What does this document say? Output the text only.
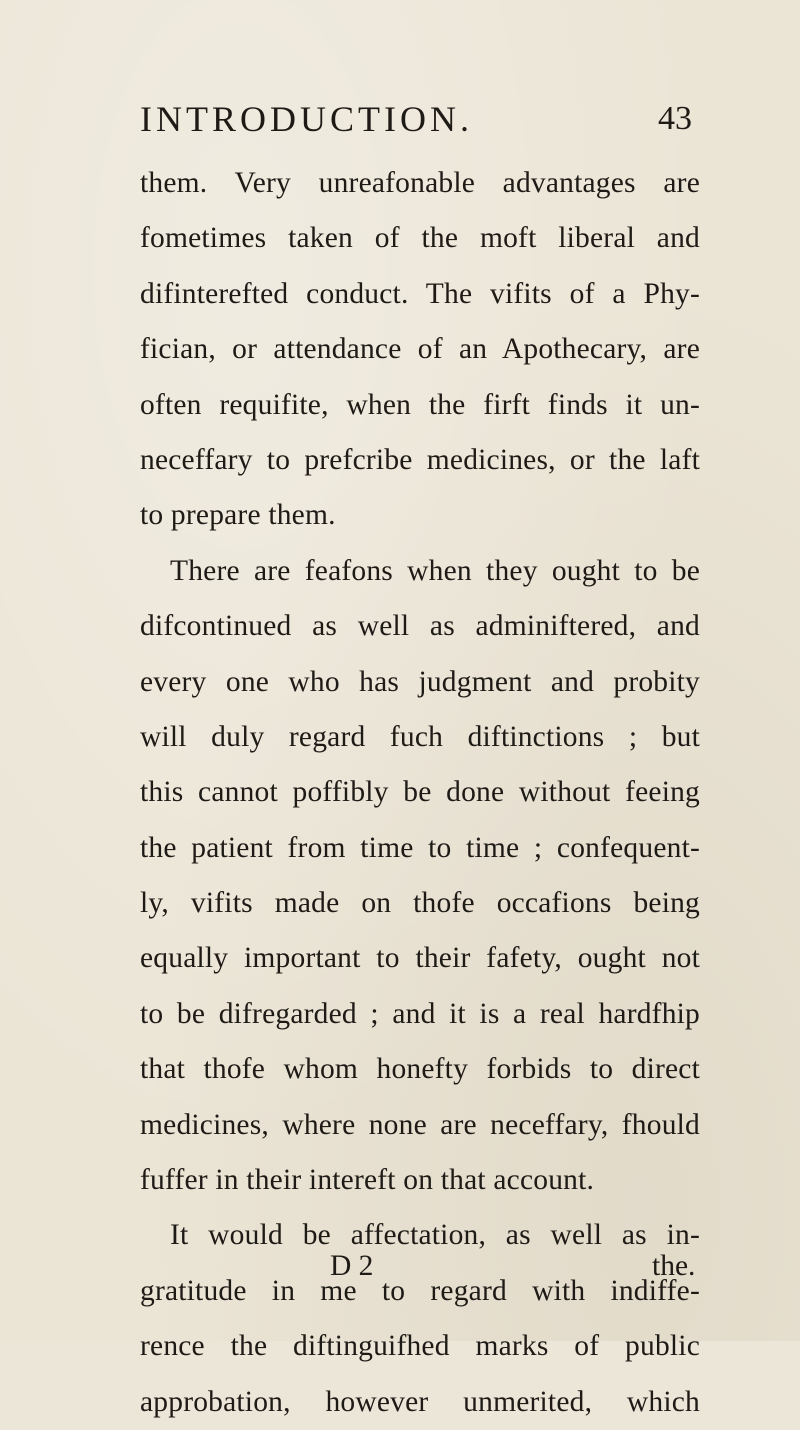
INTRODUCTION.	43
them. Very unreafonable advantages are
fometimes taken of the moft liberal and
difinterefted conduct. The vifits of a Phy-
fician, or attendance of an Apothecary, are
often requifite, when the firft finds it un-
neceffary to prefcribe medicines, or the laft
to prepare them.
There are feafons when they ought to be
difcontinued as well as adminiftered, and
every one who has judgment and probity
will duly regard fuch diftinctions ; but
this cannot poffibly be done without feeing
the patient from time to time ; confequent-
ly, vifits made on thofe occafions being
equally important to their fafety, ought not
to be difregarded ; and it is a real hardfhip
that thofe whom honefty forbids to direct
medicines, where none are neceffary, fhould
fuffer in their intereft on that account.
It would be affectation, as well as in-
gratitude in me to regard with indiffe-
rence the diftinguifhed marks of public
approbation, however unmerited, which
D 2	the.
